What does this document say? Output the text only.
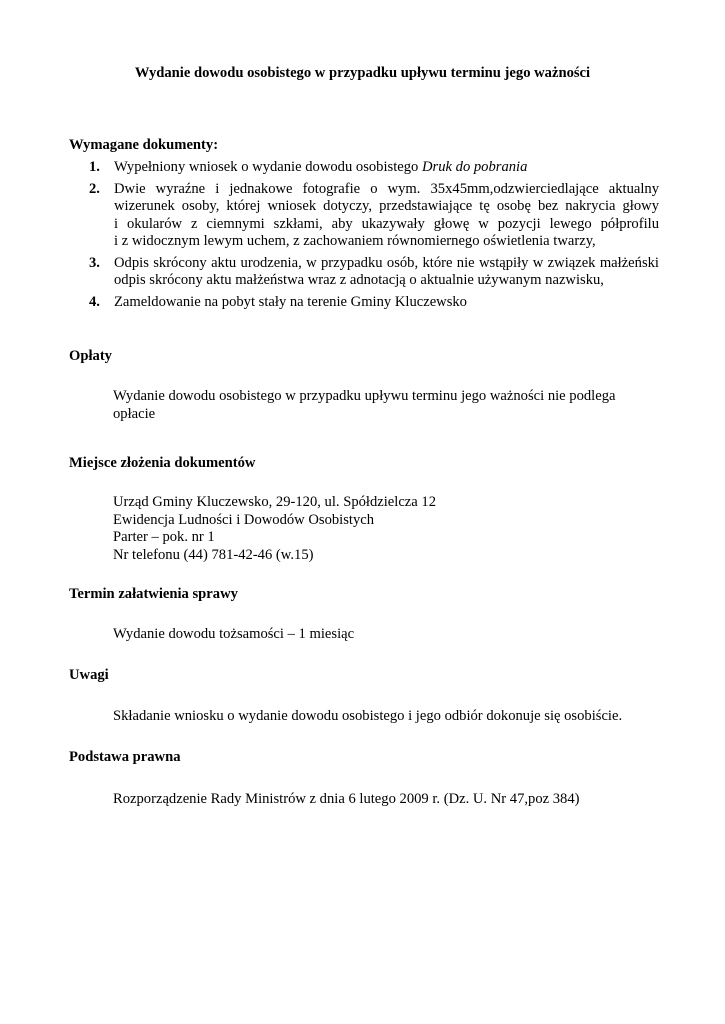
Wydanie dowodu osobistego w przypadku upływu terminu jego ważności
Wymagane dokumenty:
1. Wypełniony wniosek o wydanie dowodu osobistego Druk do pobrania
2. Dwie wyraźne i jednakowe fotografie o wym. 35x45mm,odzwierciedlające aktualny
wizerunek osoby, której wniosek dotyczy, przedstawiające tę osobę bez nakrycia głowy
i okularów z ciemnymi szkłami, aby ukazywały głowę w pozycji lewego półprofilu
i z widocznym lewym uchem, z zachowaniem równomiernego oświetlenia twarzy,
3. Odpis skrócony aktu urodzenia, w przypadku osób, które nie wstąpiły w związek małżeński
odpis skrócony aktu małżeństwa wraz z adnotacją o aktualnie używanym nazwisku,
4. Zameldowanie na pobyt stały na terenie Gminy Kluczewsko
Opłaty
Wydanie dowodu osobistego w przypadku upływu terminu jego ważności nie podlega
opłacie
Miejsce złożenia dokumentów
Urząd Gminy Kluczewsko, 29-120, ul. Spółdzielcza 12
Ewidencja Ludności i Dowodów Osobistych
Parter – pok. nr 1
Nr telefonu (44) 781-42-46 (w.15)
Termin załatwienia sprawy
Wydanie dowodu tożsamości – 1 miesiąc
Uwagi
Składanie wniosku o wydanie dowodu osobistego i jego odbiór dokonuje się osobiście.
Podstawa prawna
Rozporządzenie Rady Ministrów z dnia 6 lutego 2009 r. (Dz. U. Nr 47,poz 384)
